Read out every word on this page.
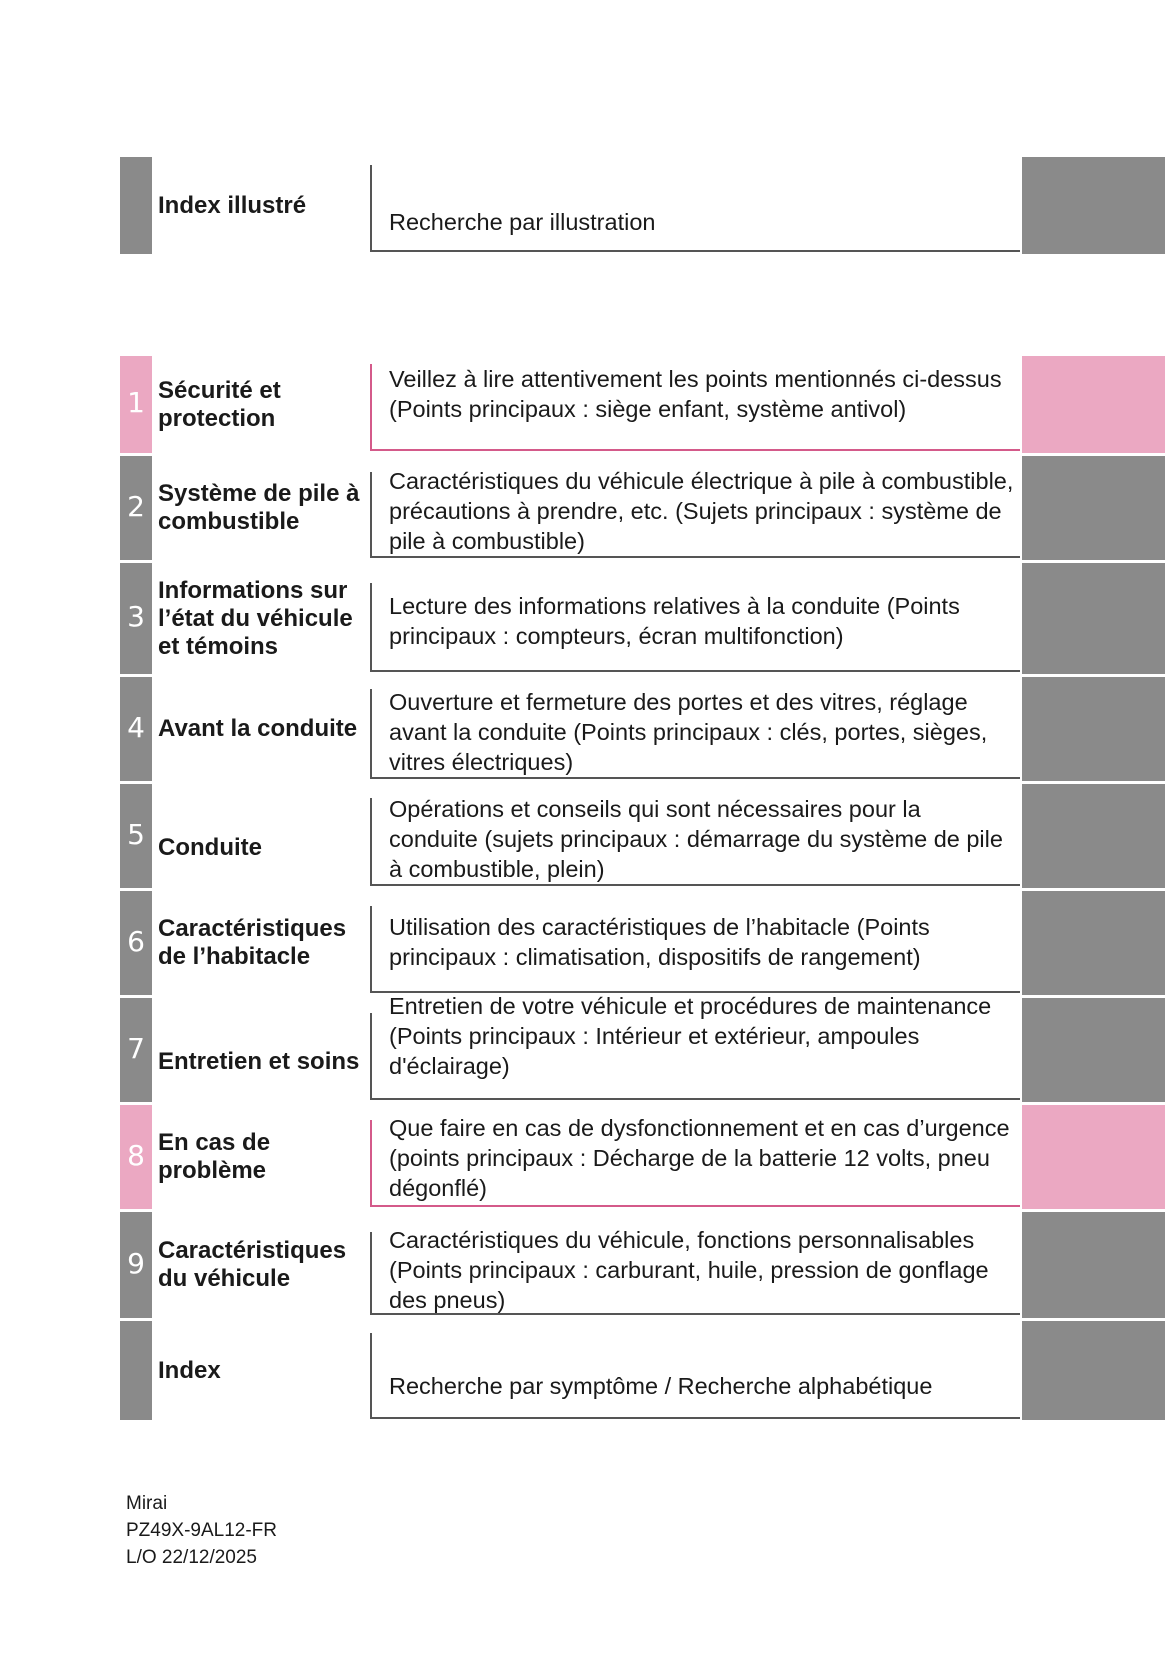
Index illustré
Recherche par illustration
1 Sécurité et protection
Veillez à lire attentivement les points mentionnés ci-dessus (Points principaux : siège enfant, système antivol)
2 Système de pile à combustible
Caractéristiques du véhicule électrique à pile à combustible, précautions à prendre, etc. (Sujets principaux : système de pile à combustible)
3
Informations sur l’état du véhicule et témoins
Lecture des informations relatives à la conduite (Points principaux : compteurs, écran multifonction)
4 Avant la conduite
Ouverture et fermeture des portes et des vitres, réglage avant la conduite (Points principaux : clés, portes, sièges, vitres électriques)
5 Conduite
Opérations et conseils qui sont nécessaires pour la conduite (sujets principaux : démarrage du système de pile à combustible, plein)
6 Caractéristiques de l’habitacle
Utilisation des caractéristiques de l’habitacle (Points principaux : climatisation, dispositifs de rangement)
7 Entretien et soins
Entretien de votre véhicule et procédures de maintenance (Points principaux : Intérieur et extérieur, ampoules d'éclairage)
8 En cas de problème
Que faire en cas de dysfonctionnement et en cas d’urgence (points principaux : Décharge de la batterie 12 volts, pneu dégonflé)
9 Caractéristiques du véhicule
Caractéristiques du véhicule, fonctions personnalisables (Points principaux : carburant, huile, pression de gonflage des pneus)
Index
Recherche par symptôme / Recherche alphabétique
Mirai
PZ49X-9AL12-FR
L/O 22/12/2025
